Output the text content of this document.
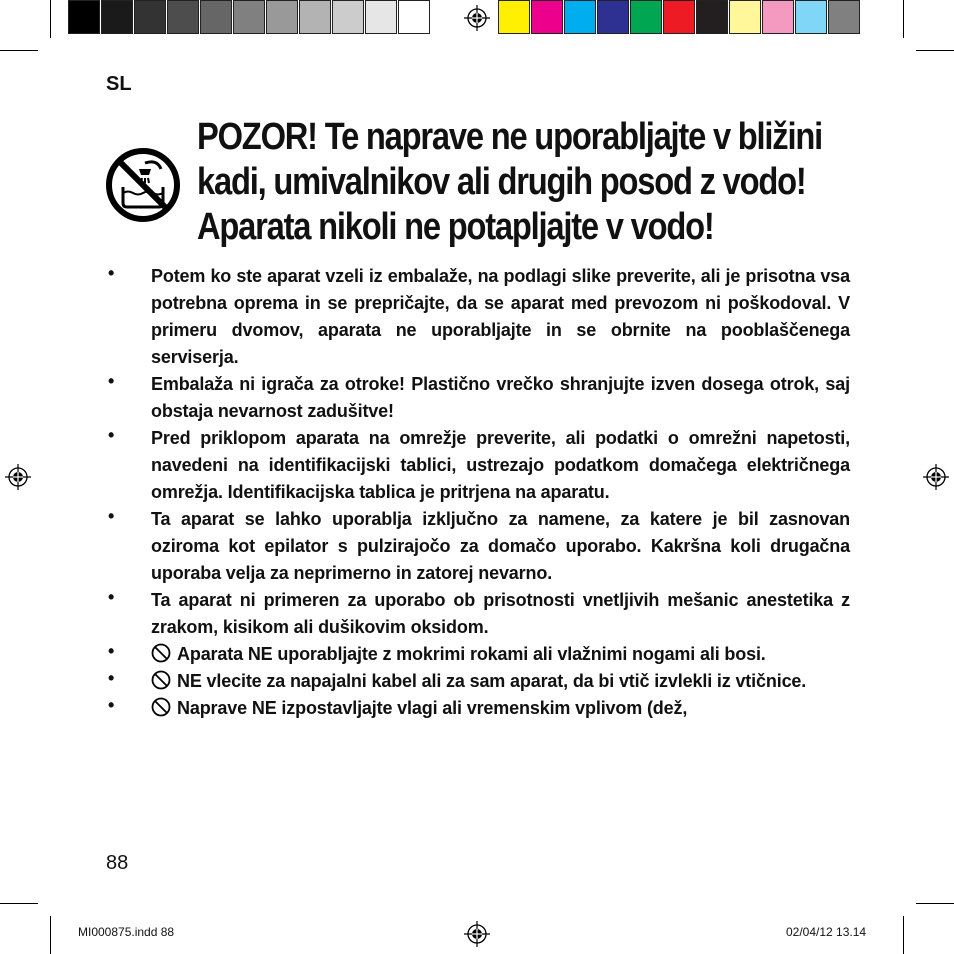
SL
POZOR! Te naprave ne uporabljajte v bližini
kadi, umivalnikov ali drugih posod z vodo!
Aparata nikoli ne potapljajte v vodo!
• Potem ko ste aparat vzeli iz embalaže, na podlagi slike preverite, ali je prisotna vsa potrebna oprema in se prepričajte, da se aparat med prevozom ni poškodoval. V primeru dvomov, aparata ne uporabljajte in se obrnite na pooblaščenega serviserja.
• Embalaža ni igrača za otroke! Plastično vrečko shranjujte izven dosega otrok, saj obstaja nevarnost zadušitve!
• Pred priklopom aparata na omrežje preverite, ali podatki o omrežni napetosti, navedeni na identifikacijski tablici, ustrezajo podatkom domačega električnega omrežja. Identifikacijska tablica je pritrjena na aparatu.
• Ta aparat se lahko uporablja izključno za namene, za katere je bil zasnovan oziroma kot epilator s pulzirajočo za domačo uporabo. Kakršna koli drugačna uporaba velja za neprimerno in zatorej nevarno.
• Ta aparat ni primeren za uporabo ob prisotnosti vnetljivih mešanic anestetika z zrakom, kisikom ali dušikovim oksidom.
• Aparata NE uporabljajte z mokrimi rokami ali vlažnimi nogami ali bosi.
• NE vlecite za napajalni kabel ali za sam aparat, da bi vtič izvlekli iz vtičnice.
• Naprave NE izpostavljajte vlagi ali vremenskim vplivom (dež,
88
MI000875.indd 88	02/04/12 13.14
